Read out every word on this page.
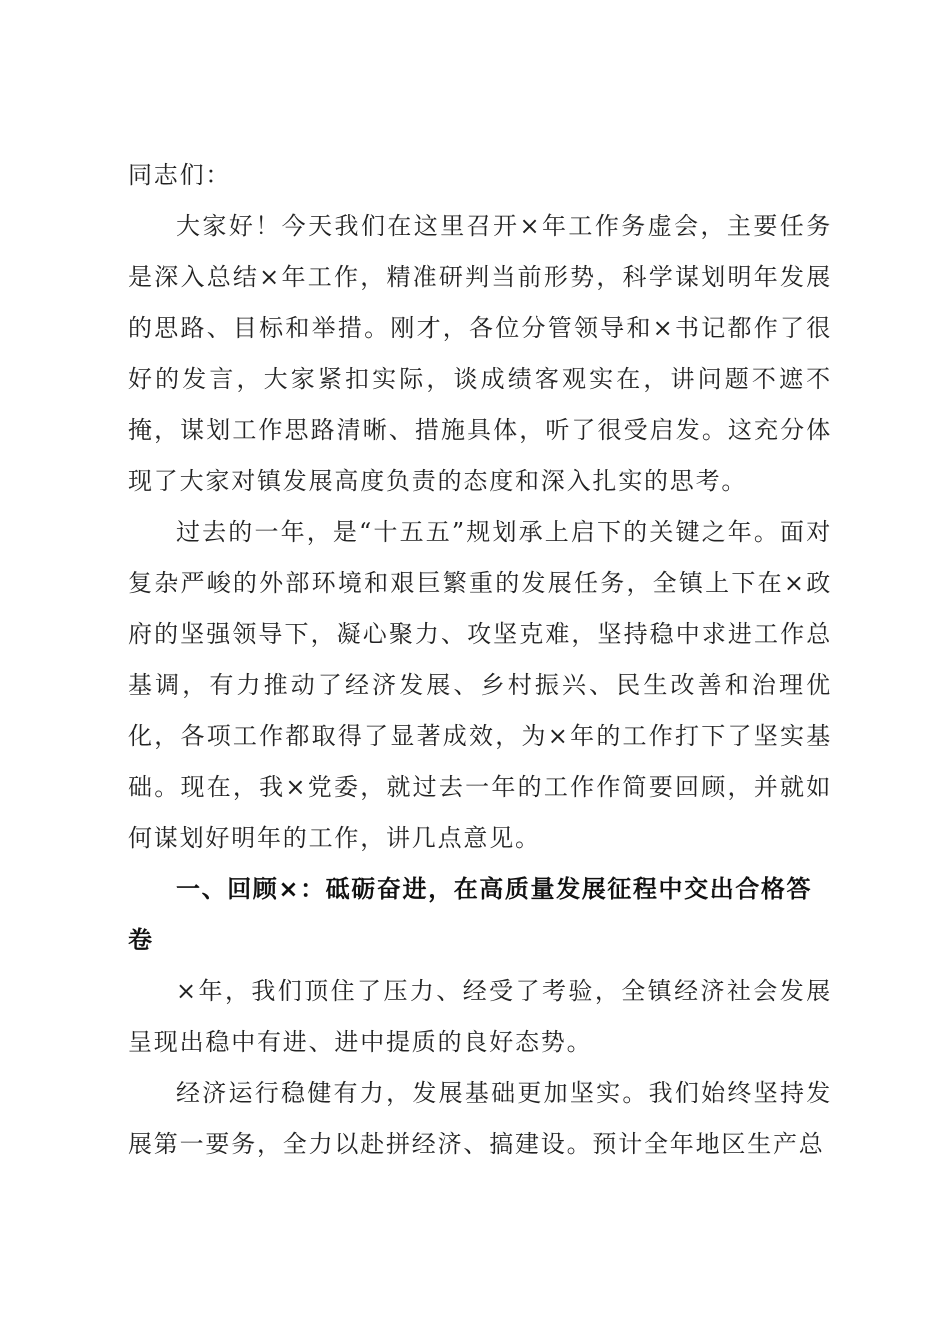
同志们：

大家好！今天我们在这里召开×年工作务虚会，主要任务是深入总结×年工作，精准研判当前形势，科学谋划明年发展的思路、目标和举措。刚才，各位分管领导和×书记都作了很好的发言，大家紧扣实际，谈成绩客观实在，讲问题不遮不掩，谋划工作思路清晰、措施具体，听了很受启发。这充分体现了大家对镇发展高度负责的态度和深入扎实的思考。

过去的一年，是“十五五”规划承上启下的关键之年。面对复杂严峻的外部环境和艰巨繁重的发展任务，全镇上下在×政府的坚强领导下，凝心聚力、攻坚克难，坚持稳中求进工作总基调，有力推动了经济发展、乡村振兴、民生改善和治理优化，各项工作都取得了显著成效，为×年的工作打下了坚实基础。现在，我×党委，就过去一年的工作作简要回顾，并就如何谋划好明年的工作，讲几点意见。

一、回顾×：砥砺奋进，在高质量发展征程中交出合格答卷

×年，我们顶住了压力、经受了考验，全镇经济社会发展呈现出稳中有进、进中提质的良好态势。

经济运行稳健有力，发展基础更加坚实。我们始终坚持发展第一要务，全力以赴拼经济、搞建设。预计全年地区生产总
